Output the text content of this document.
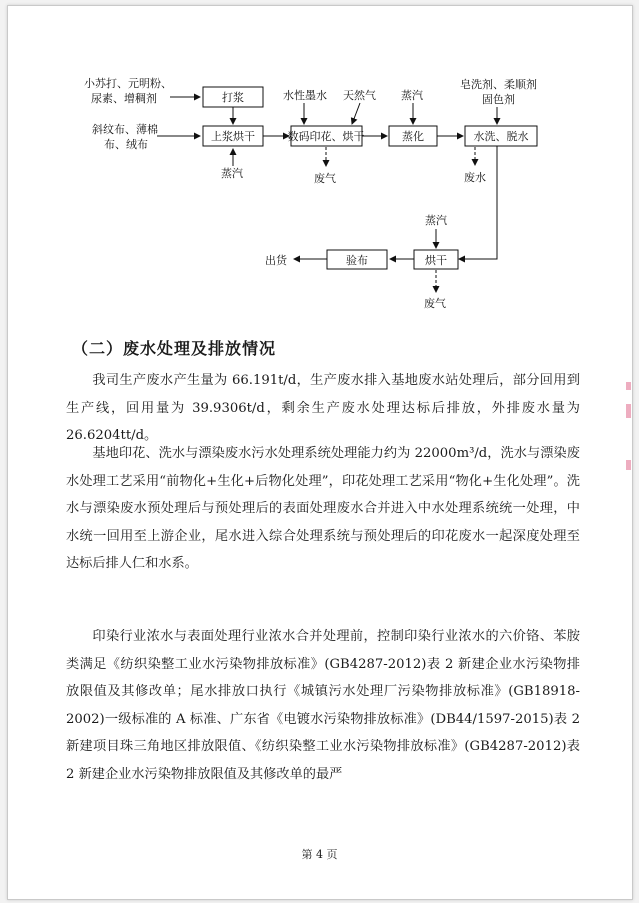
小苏打、元明粉、
尿素、增稠剂
斜纹布、薄棉
布、绒布
打浆
上浆烘干
蒸汽
数码印花、烘干
水性墨水 天然气
废气
蒸化
蒸汽
水洗、脱水
皂洗剂、柔顺剂
固色剂
废水
烘干
蒸汽
废气
验布
出货
（二）废水处理及排放情况

我司生产废水产生量为 66.191t/d，生产废水排入基地废水站处理后，部分回用到生产线，回用量为 39.9306t/d，剩余生产废水处理达标后排放，外排废水量为 26.6204tt/d。

基地印花、洗水与漂染废水污水处理系统处理能力约为 22000m³/d，洗水与漂染废水处理工艺采用“前物化+生化+后物化处理”，印花处理工艺采用“物化+生化处理”。洗水与漂染废水预处理后与预处理后的表面处理废水合并进入中水处理系统统一处理，中水统一回用至上游企业，尾水进入综合处理系统与预处理后的印花废水一起深度处理至达标后排人仁和水系。

印染行业浓水与表面处理行业浓水合并处理前，控制印染行业浓水的六价铬、苯胺类满足《纺织染整工业水污染物排放标准》(GB4287-2012)表 2 新建企业水污染物排放限值及其修改单；尾水排放口执行《城镇污水处理厂污染物排放标准》(GB18918-2002)一级标准的 A 标准、广东省《电镀水污染物排放标准》(DB44/1597-2015)表 2 新建项目珠三角地区排放限值、《纺织染整工业水污染物排放标准》(GB4287-2012)表 2 新建企业水污染物排放限值及其修改单的最严

第 4 页
